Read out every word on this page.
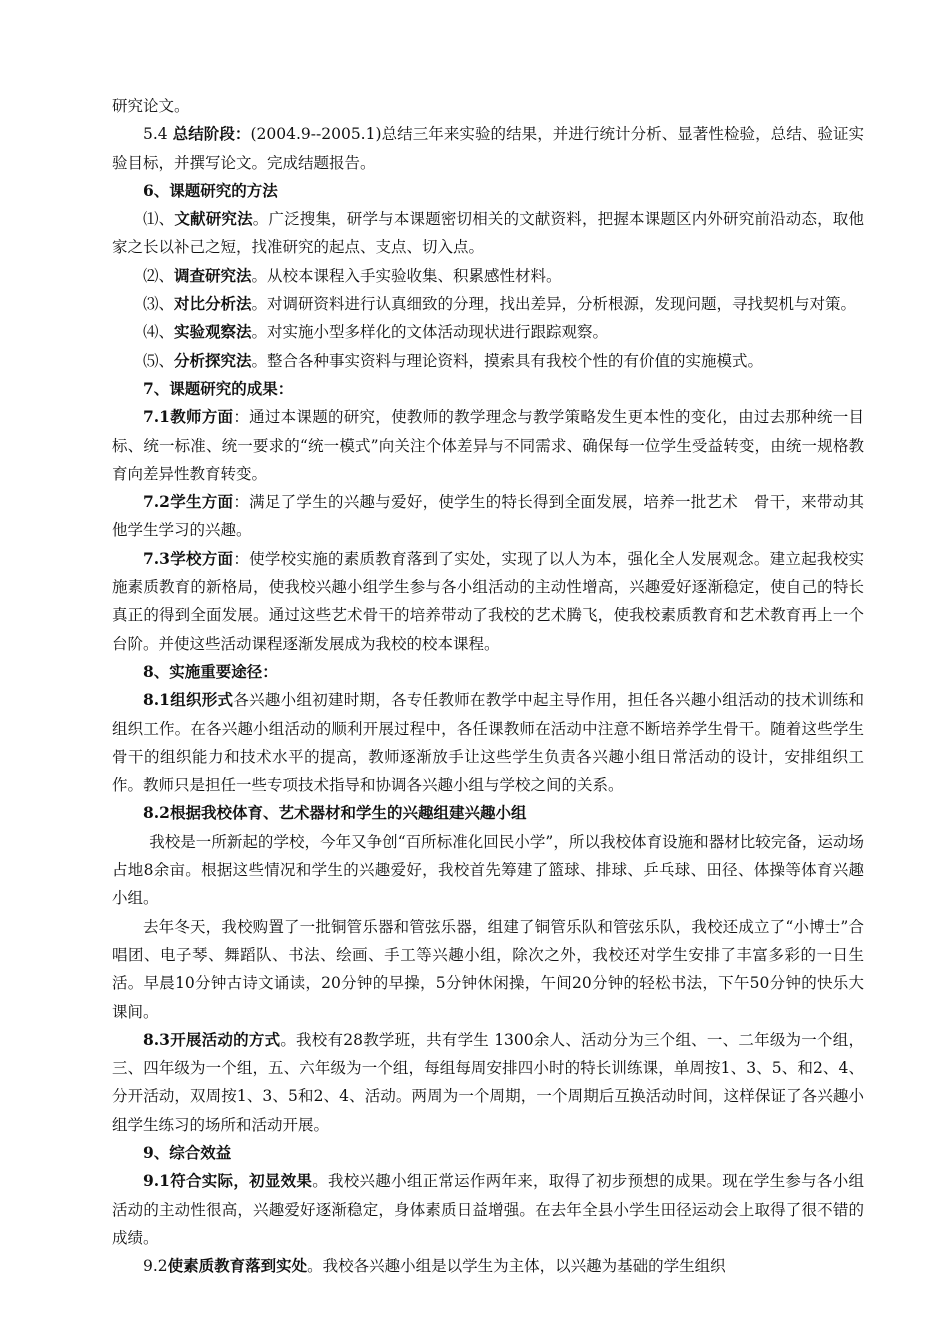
研究论文。

5.4 总结阶段：(2004.9--2005.1)总结三年来实验的结果，并进行统计分析、显著性检验，总结、验证实验目标，并撰写论文。完成结题报告。

6、课题研究的方法

⑴、文献研究法。广泛搜集，研学与本课题密切相关的文献资料，把握本课题区内外研究前沿动态，取他家之长以补己之短，找准研究的起点、支点、切入点。

⑵、调查研究法。从校本课程入手实验收集、积累感性材料。

⑶、对比分析法。对调研资料进行认真细致的分理，找出差异，分析根源，发现问题，寻找契机与对策。

⑷、实验观察法。对实施小型多样化的文体活动现状进行跟踪观察。

⑸、分析探究法。整合各种事实资料与理论资料，摸索具有我校个性的有价值的实施模式。

7、课题研究的成果：

7.1教师方面：通过本课题的研究，使教师的教学理念与教学策略发生更本性的变化，由过去那种统一目标、统一标准、统一要求的“统一模式”向关注个体差异与不同需求、确保每一位学生受益转变，由统一规格教育向差异性教育转变。

7.2学生方面：满足了学生的兴趣与爱好，使学生的特长得到全面发展，培养一批艺术　骨干，来带动其他学生学习的兴趣。

7.3学校方面：使学校实施的素质教育落到了实处，实现了以人为本，强化全人发展观念。建立起我校实施素质教育的新格局，使我校兴趣小组学生参与各小组活动的主动性增高，兴趣爱好逐渐稳定，使自己的特长真正的得到全面发展。通过这些艺术骨干的培养带动了我校的艺术腾飞，使我校素质教育和艺术教育再上一个台阶。并使这些活动课程逐渐发展成为我校的校本课程。

8、实施重要途径：

8.1组织形式各兴趣小组初建时期，各专任教师在教学中起主导作用，担任各兴趣小组活动的技术训练和组织工作。在各兴趣小组活动的顺利开展过程中，各任课教师在活动中注意不断培养学生骨干。随着这些学生骨干的组织能力和技术水平的提高，教师逐渐放手让这些学生负责各兴趣小组日常活动的设计，安排组织工作。教师只是担任一些专项技术指导和协调各兴趣小组与学校之间的关系。

8.2根据我校体育、艺术器材和学生的兴趣组建兴趣小组

我校是一所新起的学校，今年又争创“百所标准化回民小学”，所以我校体育设施和器材比较完备，运动场占地8余亩。根据这些情况和学生的兴趣爱好，我校首先筹建了篮球、排球、乒乓球、田径、体操等体育兴趣小组。

去年冬天，我校购置了一批铜管乐器和管弦乐器，组建了铜管乐队和管弦乐队，我校还成立了“小博士”合唱团、电子琴、舞蹈队、书法、绘画、手工等兴趣小组，除次之外，我校还对学生安排了丰富多彩的一日生活。早晨10分钟古诗文诵读，20分钟的早操，5分钟休闲操，午间20分钟的轻松书法，下午50分钟的快乐大课间。

8.3开展活动的方式。我校有28教学班，共有学生 1300余人、活动分为三个组、一、二年级为一个组，三、四年级为一个组，五、六年级为一个组，每组每周安排四小时的特长训练课，单周按1、3、5、和2、4、分开活动，双周按1、3、5和2、4、活动。两周为一个周期，一个周期后互换活动时间，这样保证了各兴趣小组学生练习的场所和活动开展。

9、综合效益

9.1符合实际，初显效果。我校兴趣小组正常运作两年来，取得了初步预想的成果。现在学生参与各小组活动的主动性很高，兴趣爱好逐渐稳定，身体素质日益增强。在去年全县小学生田径运动会上取得了很不错的成绩。

9.2使素质教育落到实处。我校各兴趣小组是以学生为主体，以兴趣为基础的学生组织
